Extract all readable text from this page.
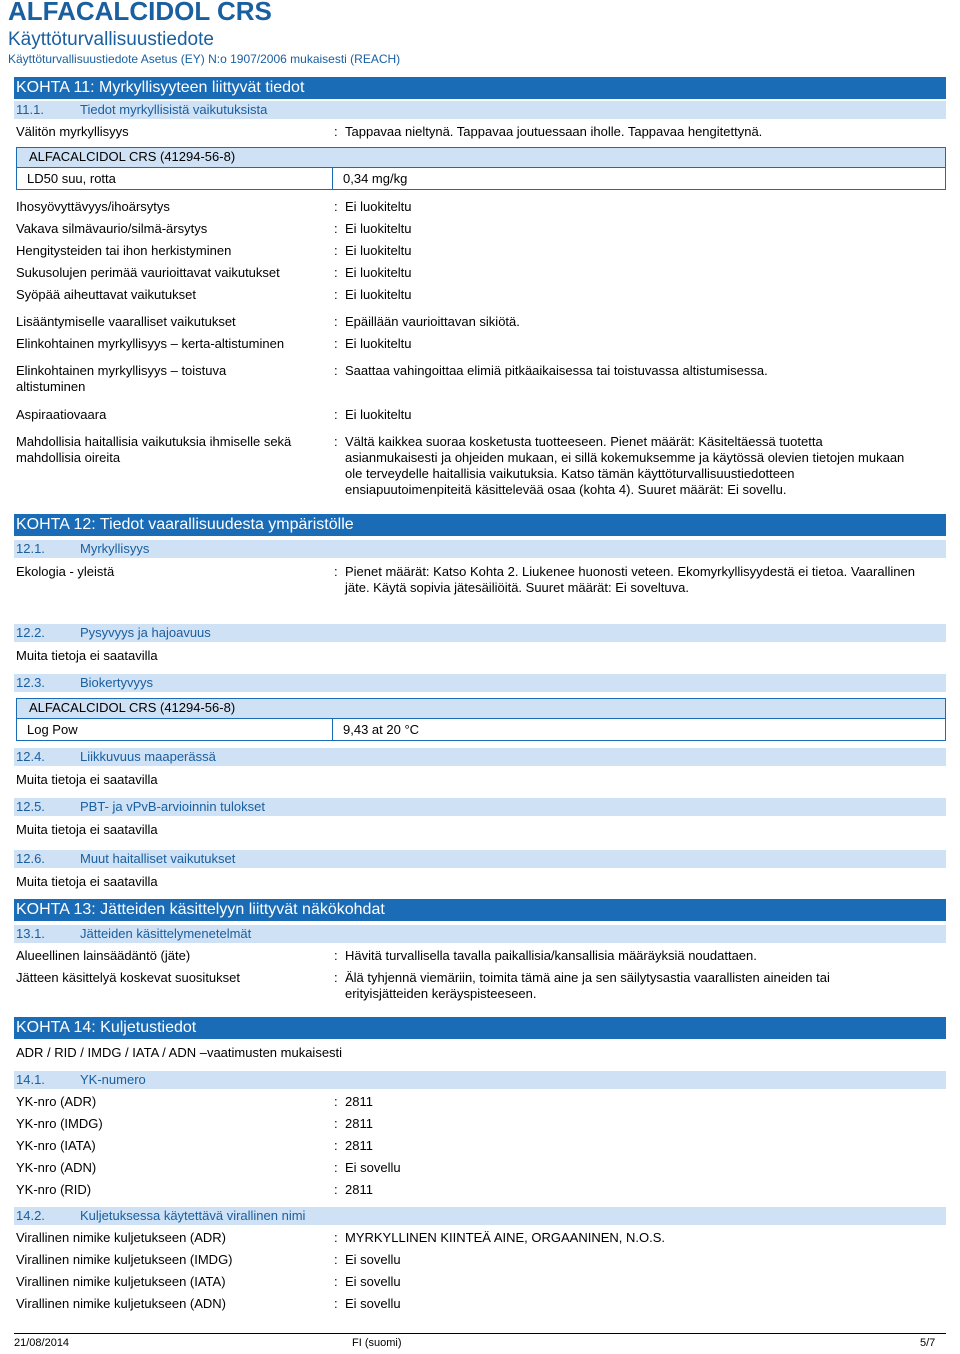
ALFACALCIDOL CRS
Käyttöturvallisuustiedote
Käyttöturvallisuustiedote Asetus (EY) N:o 1907/2006 mukaisesti (REACH)
KOHTA 11: Myrkyllisyyteen liittyvät tiedot
11.1.	Tiedot myrkyllisistä vaikutuksista
Välitön myrkyllisyys	: Tappavaa nieltynä. Tappavaa joutuessaan iholle. Tappavaa hengitettynä.
ALFACALCIDOL CRS (41294-56-8)
LD50 suu, rotta	0,34 mg/kg
Ihosyövyttävyys/ihoärsytys	: Ei luokiteltu
Vakava silmävaurio/silmä-ärsytys	: Ei luokiteltu
Hengitysteiden tai ihon herkistyminen	: Ei luokiteltu
Sukusolujen perimää vaurioittavat vaikutukset	: Ei luokiteltu
Syöpää aiheuttavat vaikutukset	: Ei luokiteltu
Lisääntymiselle vaaralliset vaikutukset	: Epäillään vaurioittavan sikiötä.
Elinkohtainen myrkyllisyys – kerta-altistuminen	: Ei luokiteltu
Elinkohtainen myrkyllisyys – toistuva altistuminen
: Saattaa vahingoittaa elimiä pitkäaikaisessa tai toistuvassa altistumisessa.
Aspiraatiovaara	: Ei luokiteltu
Mahdollisia haitallisia vaikutuksia ihmiselle sekä mahdollisia oireita
: Vältä kaikkea suoraa kosketusta tuotteeseen. Pienet määrät: Käsiteltäessä tuotetta asianmukaisesti ja ohjeiden mukaan, ei sillä kokemuksemme ja käytössä olevien tietojen mukaan ole terveydelle haitallisia vaikutuksia. Katso tämän käyttöturvallisuustiedotteen ensiapuutoimenpiteitä käsittelevää osaa (kohta 4). Suuret määrät: Ei sovellu.
KOHTA 12: Tiedot vaarallisuudesta ympäristölle
12.1.	Myrkyllisyys
Ekologia - yleistä	: Pienet määrät: Katso Kohta 2. Liukenee huonosti veteen. Ekomyrkyllisyydestä ei tietoa. Vaarallinen jäte. Käytä sopivia jätesäiliöitä. Suuret määrät: Ei soveltuva.
12.2.	Pysyvyys ja hajoavuus
Muita tietoja ei saatavilla
12.3.	Biokertyvyys
ALFACALCIDOL CRS (41294-56-8)
Log Pow	9,43 at 20 °C
12.4.	Liikkuvuus maaperässä
Muita tietoja ei saatavilla
12.5.	PBT- ja vPvB-arvioinnin tulokset
Muita tietoja ei saatavilla
12.6.	Muut haitalliset vaikutukset
Muita tietoja ei saatavilla
KOHTA 13: Jätteiden käsittelyyn liittyvät näkökohdat
13.1.	Jätteiden käsittelymenetelmät
Alueellinen lainsäädäntö (jäte)	: Hävitä turvallisella tavalla paikallisia/kansallisia määräyksiä noudattaen.
Jätteen käsittelyä koskevat suositukset	: Älä tyhjennä viemäriin, toimita tämä aine ja sen säilytysastia vaarallisten aineiden tai erityisjätteiden keräyspisteeseen.
KOHTA 14: Kuljetustiedot
ADR / RID / IMDG / IATA / ADN –vaatimusten mukaisesti
14.1.	YK-numero
YK-nro (ADR)	: 2811
YK-nro (IMDG)	: 2811
YK-nro (IATA)	: 2811
YK-nro (ADN)	: Ei sovellu
YK-nro (RID)	: 2811
14.2.	Kuljetuksessa käytettävä virallinen nimi
Virallinen nimike kuljetukseen (ADR)	: MYRKYLLINEN KIINTEÄ AINE, ORGAANINEN, N.O.S.
Virallinen nimike kuljetukseen (IMDG)	: Ei sovellu
Virallinen nimike kuljetukseen (IATA)	: Ei sovellu
Virallinen nimike kuljetukseen (ADN)	: Ei sovellu
21/08/2014	FI (suomi)	5/7
